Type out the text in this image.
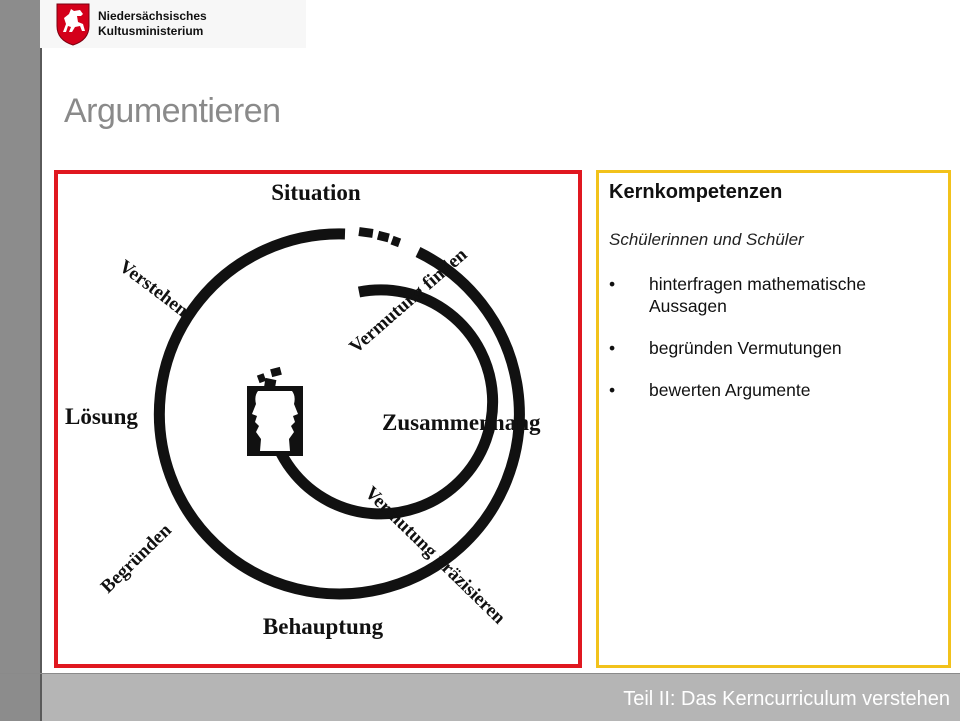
Niedersächsisches
Kultusministerium
Argumentieren
Situation
Lösung	Zusammenhang
Behauptung
Verstehen
Vermutung finden
Begründen
Vermutung präzisieren
Kernkompetenzen
Schülerinnen und Schüler
• hinterfragen mathematische Aussagen
• begründen Vermutungen
• bewerten Argumente
Teil II: Das Kerncurriculum verstehen
